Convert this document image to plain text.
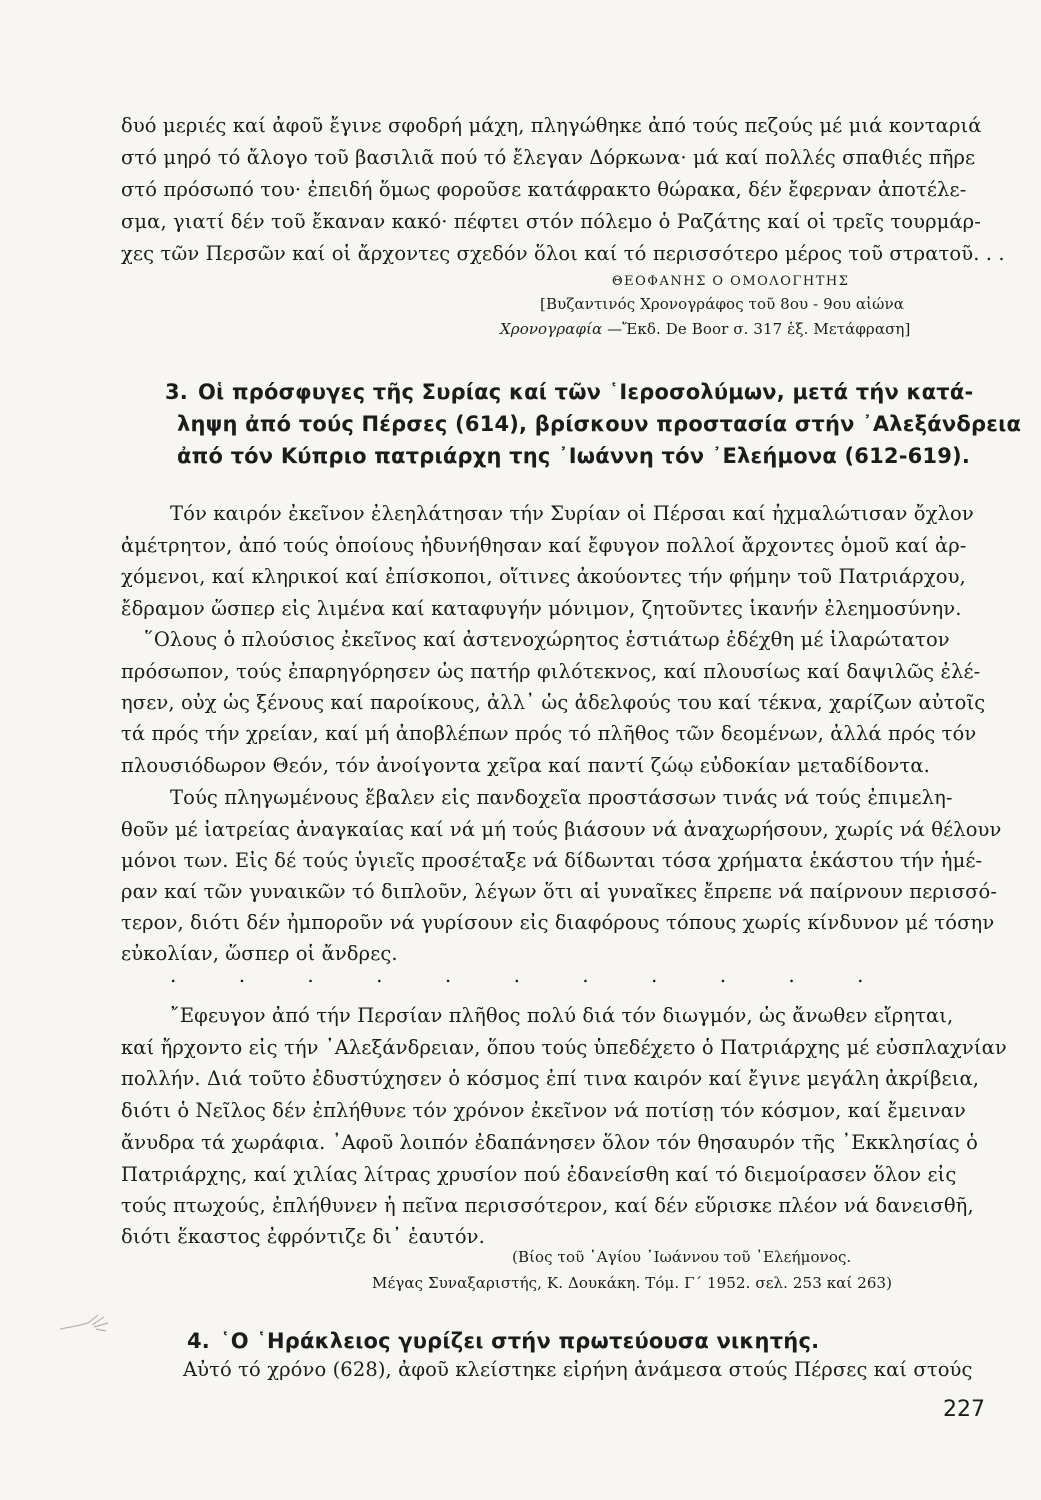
δυό μεριές καί ἀφοῦ ἔγινε σφοδρή μάχη, πληγώθηκε ἀπό τούς πεζούς μέ μιά κονταριά
στό μηρό τό ἄλογο τοῦ βασιλιᾶ πού τό ἔλεγαν Δόρκωνα· μά καί πολλές σπαθιές πῆρε
στό πρόσωπό του· ἐπειδή ὅμως φοροῦσε κατάφρακτο θώρακα, δέν ἔφερναν ἀποτέλε-
σμα, γιατί δέν τοῦ ἔκαναν κακό· πέφτει στόν πόλεμο ὁ Ραζάτης καί οἱ τρεῖς τουρμάρ-
χες τῶν Περσῶν καί οἱ ἄρχοντες σχεδόν ὅλοι καί τό περισσότερο μέρος τοῦ στρατοῦ. . .
ΘΕΟΦΑΝΗΣ Ο ΟΜΟΛΟΓΗΤΗΣ
[Βυζαντινός Χρονογράφος τοῦ 8ου - 9ου αἰώνα
Χρονογραφία —Ἔκδ. De Boor σ. 317 ἑξ. Μετάφραση]
3. Οἱ πρόσφυγες τῆς Συρίας καί τῶν ῾Ιεροσολύμων, μετά τήν κατά-
ληψη ἀπό τούς Πέρσες (614), βρίσκουν προστασία στήν ᾿Αλεξάνδρεια
ἀπό τόν Κύπριο πατριάρχη της ᾿Ιωάννη τόν ᾿Ελεήμονα (612-619).
Τόν καιρόν ἐκεῖνον ἐλεηλάτησαν τήν Συρίαν οἱ Πέρσαι καί ἠχμαλώτισαν ὄχλον
ἀμέτρητον, ἀπό τούς ὁποίους ἠδυνήθησαν καί ἔφυγον πολλοί ἄρχοντες ὁμοῦ καί ἀρ-
χόμενοι, καί κληρικοί καί ἐπίσκοποι, οἵτινες ἀκούοντες τήν φήμην τοῦ Πατριάρχου,
ἔδραμον ὥσπερ εἰς λιμένα καί καταφυγήν μόνιμον, ζητοῦντες ἱκανήν ἐλεημοσύνην.
῞Ολους ὁ πλούσιος ἐκεῖνος καί ἀστενοχώρητος ἑστιάτωρ ἐδέχθη μέ ἱλαρώτατον
πρόσωπον, τούς ἐπαρηγόρησεν ὡς πατήρ φιλότεκνος, καί πλουσίως καί δαψιλῶς ἐλέ-
ησεν, οὐχ ὡς ξένους καί παροίκους, ἀλλ᾿ ὡς ἀδελφούς του καί τέκνα, χαρίζων αὐτοῖς
τά πρός τήν χρείαν, καί μή ἀποβλέπων πρός τό πλῆθος τῶν δεομένων, ἀλλά πρός τόν
πλουσιόδωρον Θεόν, τόν ἀνοίγοντα χεῖρα καί παντί ζώῳ εὐδοκίαν μεταδίδοντα.
Τούς πληγωμένους ἔβαλεν εἰς πανδοχεῖα προστάσσων τινάς νά τούς ἐπιμελη-
θοῦν μέ ἰατρείας ἀναγκαίας καί νά μή τούς βιάσουν νά ἀναχωρήσουν, χωρίς νά θέλουν
μόνοι των. Εἰς δέ τούς ὑγιεῖς προσέταξε νά δίδωνται τόσα χρήματα ἑκάστου τήν ἡμέ-
ραν καί τῶν γυναικῶν τό διπλοῦν, λέγων ὅτι αἱ γυναῖκες ἔπρεπε νά παίρνουν περισσό-
τερον, διότι δέν ἠμποροῦν νά γυρίσουν εἰς διαφόρους τόπους χωρίς κίνδυνον μέ τόσην
εὐκολίαν, ὥσπερ οἱ ἄνδρες.
. . . . . . . . . . .
῎Εφευγον ἀπό τήν Περσίαν πλῆθος πολύ διά τόν διωγμόν, ὡς ἄνωθεν εἴρηται,
καί ἤρχοντο εἰς τήν ᾿Αλεξάνδρειαν, ὅπου τούς ὑπεδέχετο ὁ Πατριάρχης μέ εὐσπλαχνίαν
πολλήν. Διά τοῦτο ἐδυστύχησεν ὁ κόσμος ἐπί τινα καιρόν καί ἔγινε μεγάλη ἀκρίβεια,
διότι ὁ Νεῖλος δέν ἐπλήθυνε τόν χρόνον ἐκεῖνον νά ποτίσῃ τόν κόσμον, καί ἔμειναν
ἄνυδρα τά χωράφια. ᾿Αφοῦ λοιπόν ἐδαπάνησεν ὅλον τόν θησαυρόν τῆς ᾿Εκκλησίας ὁ
Πατριάρχης, καί χιλίας λίτρας χρυσίον πού ἐδανείσθη καί τό διεμοίρασεν ὅλον εἰς
τούς πτωχούς, ἐπλήθυνεν ἡ πεῖνα περισσότερον, καί δέν εὕρισκε πλέον νά δανεισθῆ,
διότι ἕκαστος ἐφρόντιζε δι᾿ ἑαυτόν.
(Βίος τοῦ ῾Αγίου ᾿Ιωάννου τοῦ ᾿Ελεήμονος.
Μέγας Συναξαριστής, Κ. Δουκάκη. Τόμ. Γ΄ 1952. σελ. 253 καί 263)
4. ῾Ο ῾Ηράκλειος γυρίζει στήν πρωτεύουσα νικητής.
Αὐτό τό χρόνο (628), ἀφοῦ κλείστηκε εἰρήνη ἀνάμεσα στούς Πέρσες καί στούς
227
